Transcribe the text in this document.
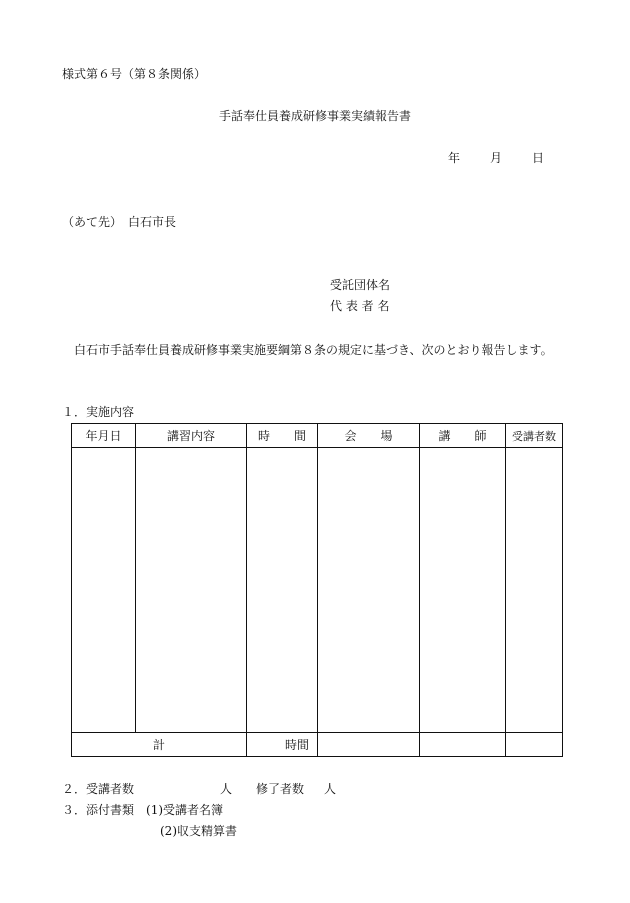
様式第６号（第８条関係）
手話奉仕員養成研修事業実績報告書
年	月	日
（あて先）　白石市長
受託団体名
代 表 者 名
白石市手話奉仕員養成研修事業実施要綱第８条の規定に基づき、次のとおり報告します。
１．実施内容
年月日	講習内容	時　　間	会　　場	講　　師	受講者数

計		時間			
２．受講者数	人 修了者数 人
３．添付書類 (1)受講者名簿
(2)収支精算書
